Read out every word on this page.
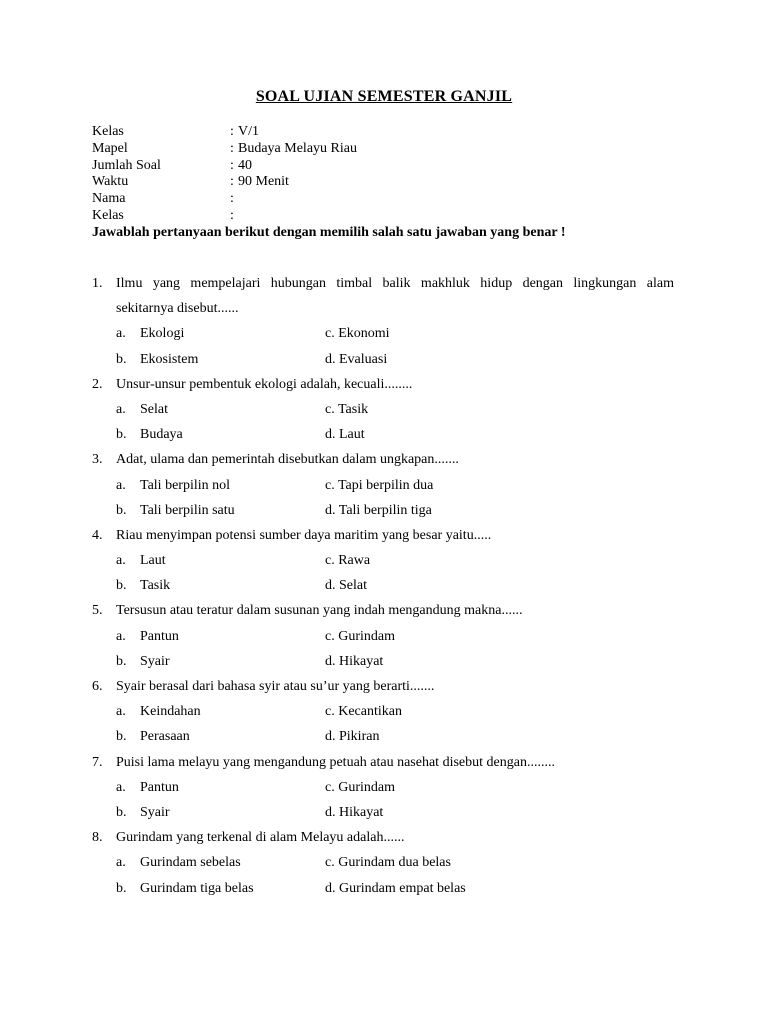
SOAL UJIAN SEMESTER GANJIL
Kelas	: V/1
Mapel	: Budaya Melayu Riau
Jumlah Soal	: 40
Waktu	: 90 Menit
Nama	:
Kelas	:
Jawablah pertanyaan berikut dengan memilih salah satu jawaban yang benar !
1. Ilmu yang mempelajari hubungan timbal balik makhluk hidup dengan lingkungan alam
sekitarnya disebut......
a. Ekologi	c. Ekonomi
b. Ekosistem	d. Evaluasi
2. Unsur-unsur pembentuk ekologi adalah, kecuali........
a. Selat	c. Tasik
b. Budaya	d. Laut
3. Adat, ulama dan pemerintah disebutkan dalam ungkapan.......
a. Tali berpilin nol	c. Tapi berpilin dua
b. Tali berpilin satu	d. Tali berpilin tiga
4. Riau menyimpan potensi sumber daya maritim yang besar yaitu.....
a. Laut	c. Rawa
b. Tasik	d. Selat
5. Tersusun atau teratur dalam susunan yang indah mengandung makna......
a. Pantun	c. Gurindam
b. Syair	d. Hikayat
6. Syair berasal dari bahasa syir atau su’ur yang berarti.......
a. Keindahan	c. Kecantikan
b. Perasaan	d. Pikiran
7. Puisi lama melayu yang mengandung petuah atau nasehat disebut dengan........
a. Pantun	c. Gurindam
b. Syair	d. Hikayat
8. Gurindam yang terkenal di alam Melayu adalah......
a. Gurindam sebelas	c. Gurindam dua belas
b. Gurindam tiga belas	d. Gurindam empat belas
